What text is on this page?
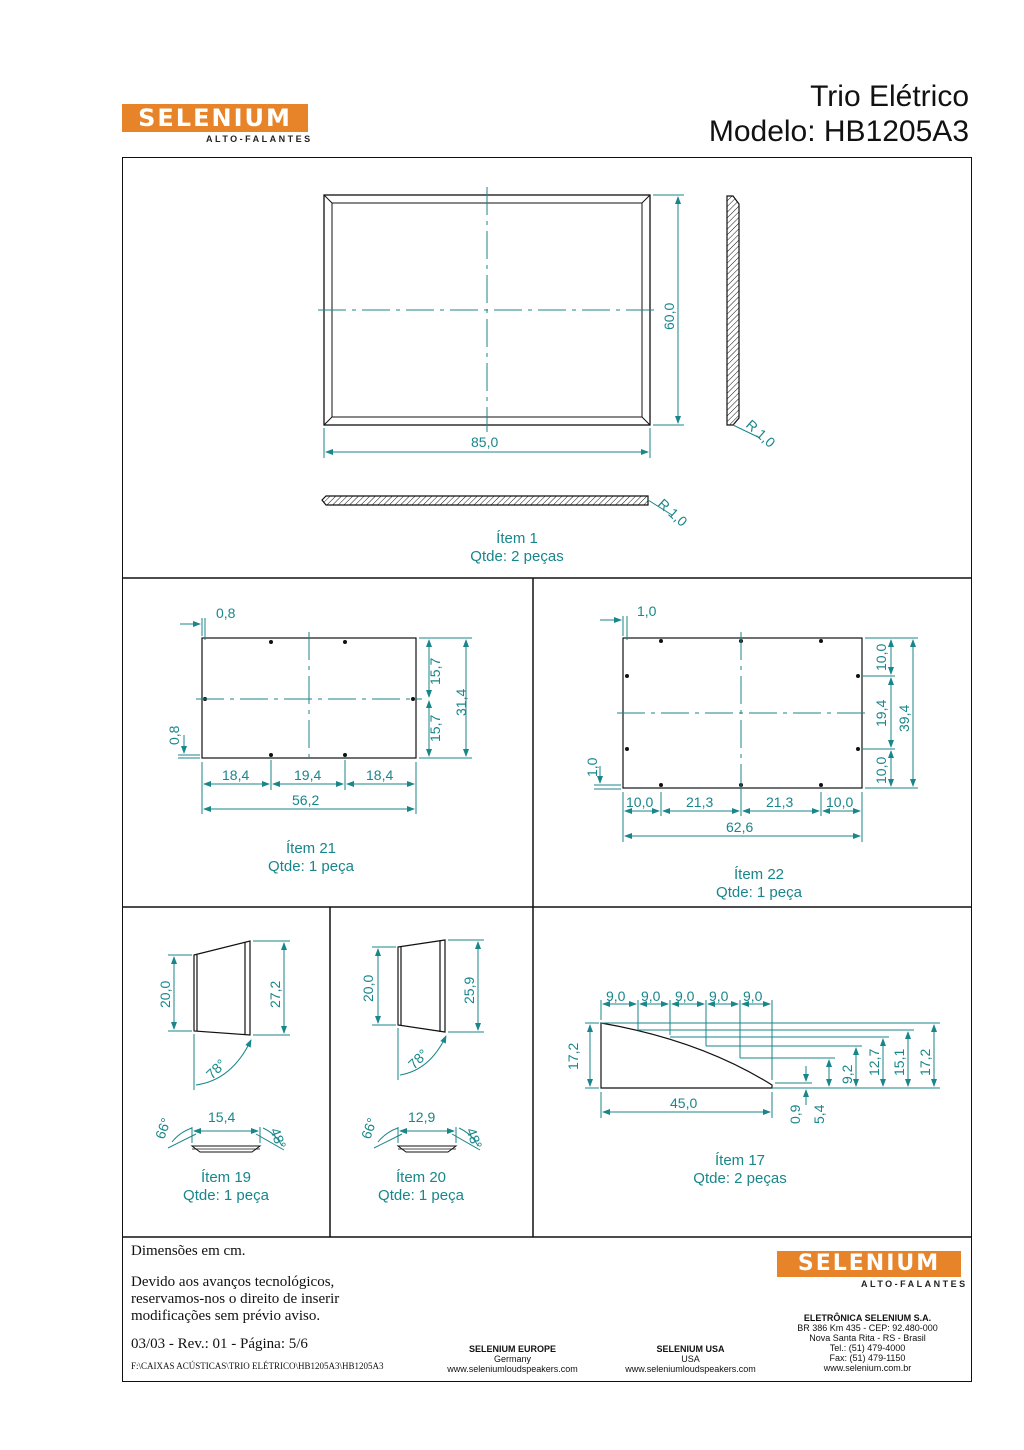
SELENIUM
ALTO-FALANTES
Trio Elétrico
Modelo: HB1205A3
85,0
60,0
R 1,0
R 1,0
0,8
0,8
15,7
15,7
31,4
18,4	19,4	18,4
56,2
1,0
1,0
10,0
19,4
10,0
39,4
10,0 21,3	21,3 10,0
62,6
20,0	27,2
78°
15,4
66°	48°
20,0	25,9
78°
12,9
66°	48°
9,0 9,0 9,0 9,0 9,0
17,2
45,0
0,9 5,4
9,2 12,7 15,1 17,2
Ítem 1
Qtde: 2 peças
Ítem 21
Qtde: 1 peça	Ítem 22
Qtde: 1 peça
Ítem 19
Qtde: 1 peça
Ítem 20
Qtde: 1 peça
Ítem 17
Qtde: 2 peças
Dimensões em cm.
Devido aos avanços tecnológicos,
reservamos-nos o direito de inserir
modificações sem prévio aviso.
03/03 - Rev.: 01 - Página: 5/6
F:\CAIXAS ACÚSTICAS\TRIO ELÉTRICO\HB1205A3\HB1205A3
SELENIUM EUROPE
Germany
www.seleniumloudspeakers.com
SELENIUM USA
USA
www.seleniumloudspeakers.com
SELENIUM
ALTO-FALANTES
ELETRÔNICA SELENIUM S.A.
BR 386 Km 435 - CEP: 92.480-000
Nova Santa Rita - RS - Brasil
Tel.: (51) 479-4000
Fax: (51) 479-1150
www.selenium.com.br
